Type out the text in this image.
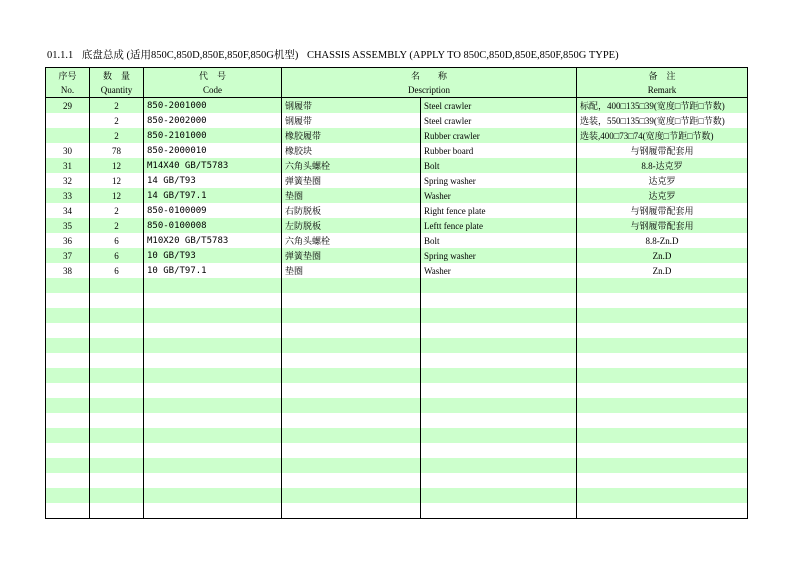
01.1.1 底盘总成 (适用850C,850D,850E,850F,850G机型) CHASSIS ASSEMBLY (APPLY TO 850C,850D,850E,850F,850G TYPE)
序号	数　量	代　号	名　　称		备　注
No.	Quantity	Code	Description		Remark
29	2	850-2001000	钢履带	Steel crawler	标配，400□135□39(宽度□节距□节数)
	2	850-2002000	钢履带	Steel crawler	选装，550□135□39(宽度□节距□节数)
	2	850-2101000	橡胶履带	Rubber crawler	选装,400□73□74(宽度□节距□节数)
30	78	850-2000010	橡胶块	Rubber board	与钢履带配套用
31	12	M14X40 GB/T5783	六角头螺栓	Bolt	8.8-达克罗
32	12	14 GB/T93	弹簧垫圈	Spring washer	达克罗
33	12	14 GB/T97.1	垫圈	Washer	达克罗
34	2	850-0100009	右防脱板	Right fence plate	与钢履带配套用
35	2	850-0100008	左防脱板	Leftt fence plate	与钢履带配套用
36	6	M10X20 GB/T5783	六角头螺栓	Bolt	8.8-Zn.D
37	6	10 GB/T93	弹簧垫圈	Spring washer	Zn.D
38	6	10 GB/T97.1	垫圈	Washer	Zn.D
